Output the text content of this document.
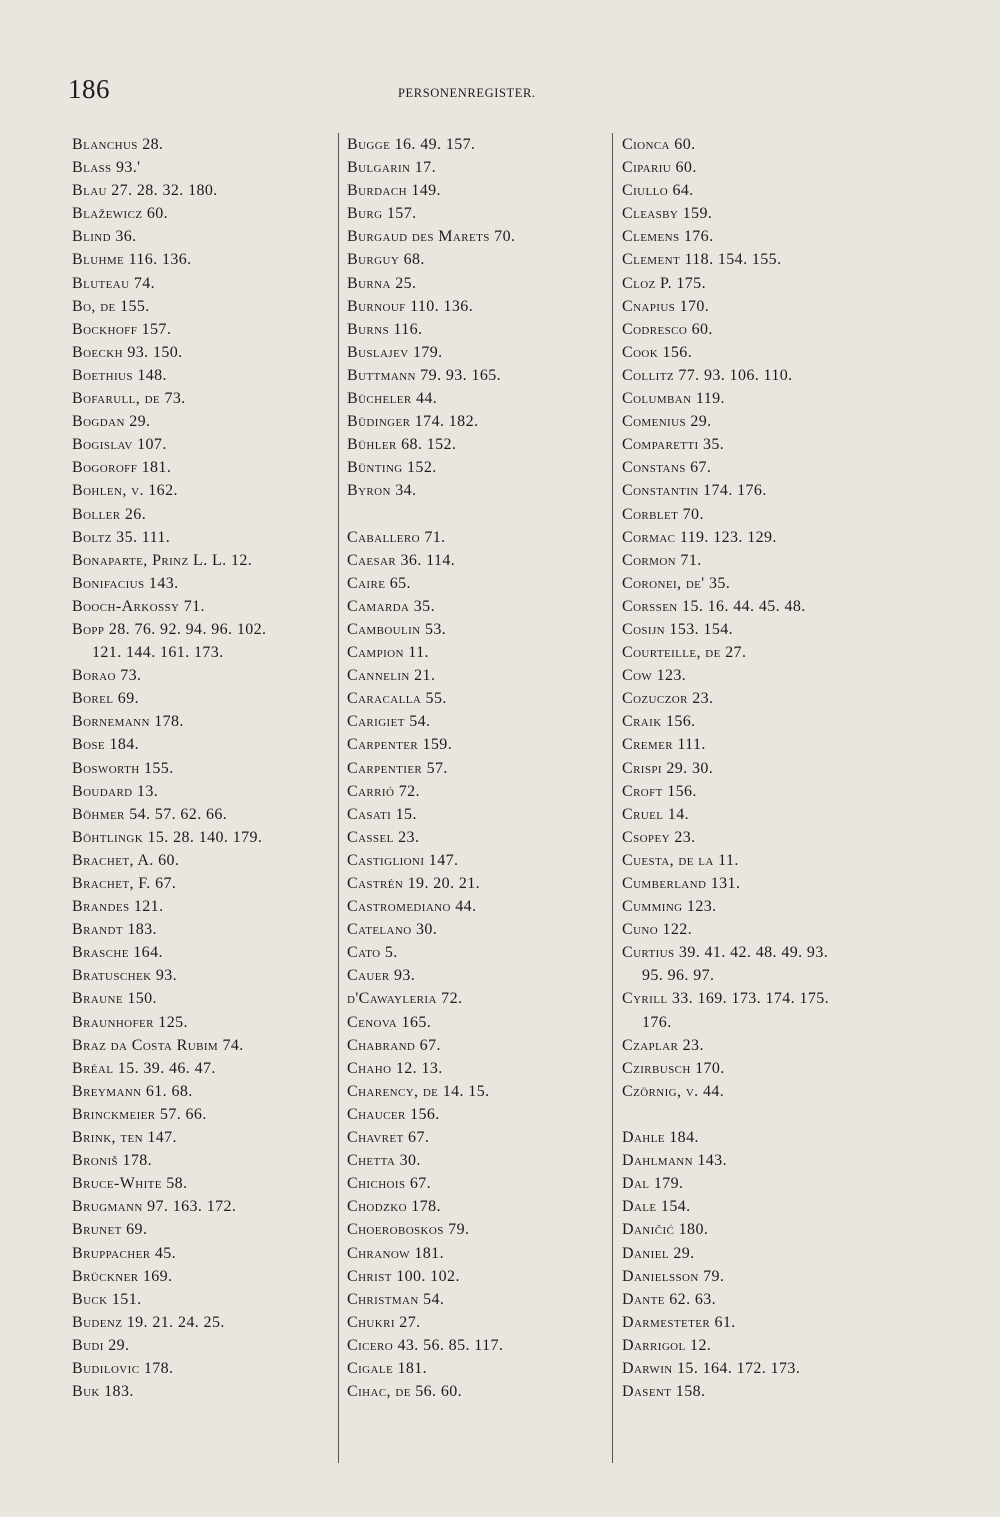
186	PERSONENREGISTER.
Blanchus 28.
Blass 93.'
Blau 27. 28. 32. 180.
Blažewicz 60.
Blind 36.
Bluhme 116. 136.
Bluteau 74.
Bo, de 155.
Bockhoff 157.
Boeckh 93. 150.
Boethius 148.
Bofarull, de 73.
Bogdan 29.
Bogislav 107.
Bogoroff 181.
Bohlen, v. 162.
Boller 26.
Boltz 35. 111.
Bonaparte, Prinz L. L. 12.
Bonifacius 143.
Booch-Arkossy 71.
Bopp 28. 76. 92. 94. 96. 102.
121. 144. 161. 173.
Borao 73.
Borel 69.
Bornemann 178.
Bose 184.
Bosworth 155.
Boudard 13.
Böhmer 54. 57. 62. 66.
Böhtlingk 15. 28. 140. 179.
Brachet, A. 60.
Brachet, F. 67.
Brandes 121.
Brandt 183.
Brasche 164.
Bratuschek 93.
Braune 150.
Braunhofer 125.
Braz da Costa Rubim 74.
Bréal 15. 39. 46. 47.
Breymann 61. 68.
Brinckmeier 57. 66.
Brink, ten 147.
Broniš 178.
Bruce-White 58.
Brugmann 97. 163. 172.
Brunet 69.
Bruppacher 45.
Brückner 169.
Buck 151.
Budenz 19. 21. 24. 25.
Budi 29.
Budilovic 178.
Buk 183.
Bugge 16. 49. 157.
Bulgarin 17.
Burdach 149.
Burg 157.
Burgaud des Marets 70.
Burguy 68.
Burna 25.
Burnouf 110. 136.
Burns 116.
Buslajev 179.
Buttmann 79. 93. 165.
Bücheler 44.
Büdinger 174. 182.
Bühler 68. 152.
Bünting 152.
Byron 34.
Caballero 71.
Caesar 36. 114.
Caire 65.
Camarda 35.
Camboulin 53.
Campion 11.
Cannelin 21.
Caracalla 55.
Carigiet 54.
Carpenter 159.
Carpentier 57.
Carrió 72.
Casati 15.
Cassel 23.
Castiglioni 147.
Castrén 19. 20. 21.
Castromediano 44.
Catelano 30.
Cato 5.
Cauer 93.
d'Cawayleria 72.
Cenova 165.
Chabrand 67.
Chaho 12. 13.
Charency, de 14. 15.
Chaucer 156.
Chavret 67.
Chetta 30.
Chichois 67.
Chodzko 178.
Choeroboskos 79.
Chranow 181.
Christ 100. 102.
Christman 54.
Chukri 27.
Cicero 43. 56. 85. 117.
Cigale 181.
Cihac, de 56. 60.
Cionca 60.
Cipariu 60.
Ciullo 64.
Cleasby 159.
Clemens 176.
Clement 118. 154. 155.
Cloz P. 175.
Cnapius 170.
Codresco 60.
Cook 156.
Collitz 77. 93. 106. 110.
Columban 119.
Comenius 29.
Comparetti 35.
Constans 67.
Constantin 174. 176.
Corblet 70.
Cormac 119. 123. 129.
Cormon 71.
Coronei, de' 35.
Corssen 15. 16. 44. 45. 48.
Cosijn 153. 154.
Courteille, de 27.
Cow 123.
Cozuczor 23.
Craik 156.
Cremer 111.
Crispi 29. 30.
Croft 156.
Cruel 14.
Csopey 23.
Cuesta, de la 11.
Cumberland 131.
Cumming 123.
Cuno 122.
Curtius 39. 41. 42. 48. 49. 93.
95. 96. 97.
Cyrill 33. 169. 173. 174. 175.
176.
Czaplar 23.
Czirbusch 170.
Czörnig, v. 44.
Dahle 184.
Dahlmann 143.
Dal 179.
Dale 154.
Daničić 180.
Daniel 29.
Danielsson 79.
Dante 62. 63.
Darmesteter 61.
Darrigol 12.
Darwin 15. 164. 172. 173.
Dasent 158.
